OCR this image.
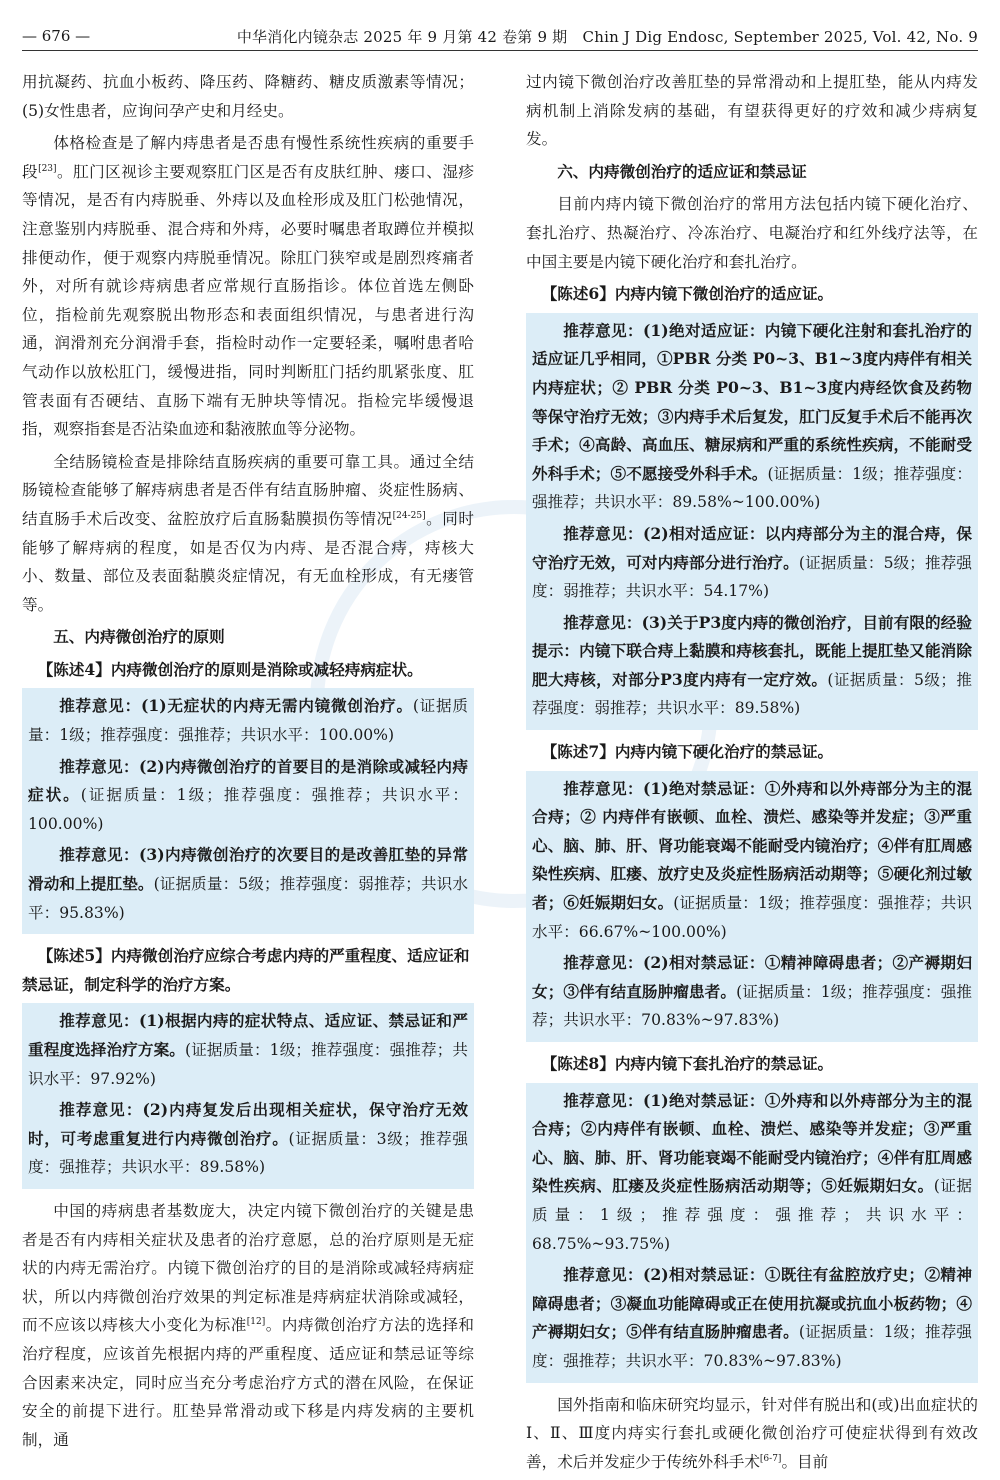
— 676 —	中华消化内镜杂志 2025 年 9 月第 42 卷第 9 期　Chin J Dig Endosc, September 2025, Vol. 42, No. 9

用抗凝药、抗血小板药、降压药、降糖药、糖皮质激素等情况；(5)女性患者，应询问孕产史和月经史。

体格检查是了解内痔患者是否患有慢性系统性疾病的重要手段[23]。肛门区视诊主要观察肛门区是否有皮肤红肿、瘘口、湿疹等情况，是否有内痔脱垂、外痔以及血栓形成及肛门松弛情况，注意鉴别内痔脱垂、混合痔和外痔，必要时嘱患者取蹲位并模拟排便动作，便于观察内痔脱垂情况。除肛门狭窄或是剧烈疼痛者外，对所有就诊痔病患者应常规行直肠指诊。体位首选左侧卧位，指检前先观察脱出物形态和表面组织情况，与患者进行沟通，润滑剂充分润滑手套，指检时动作一定要轻柔，嘱咐患者哈气动作以放松肛门，缓慢进指，同时判断肛门括约肌紧张度、肛管表面有否硬结、直肠下端有无肿块等情况。指检完毕缓慢退指，观察指套是否沾染血迹和黏液脓血等分泌物。

全结肠镜检查是排除结直肠疾病的重要可靠工具。通过全结肠镜检查能够了解痔病患者是否伴有结直肠肿瘤、炎症性肠病、结直肠手术后改变、盆腔放疗后直肠黏膜损伤等情况[24-25]。同时能够了解痔病的程度，如是否仅为内痔、是否混合痔，痔核大小、数量、部位及表面黏膜炎症情况，有无血栓形成，有无瘘管等。

五、内痔微创治疗的原则
【陈述4】内痔微创治疗的原则是消除或减轻痔病症状。

推荐意见：(1)无症状的内痔无需内镜微创治疗。(证据质量：1级；推荐强度：强推荐；共识水平：100.00%)

推荐意见：(2)内痔微创治疗的首要目的是消除或减轻内痔症状。(证据质量：1级；推荐强度：强推荐；共识水平：100.00%)

推荐意见：(3)内痔微创治疗的次要目的是改善肛垫的异常滑动和上提肛垫。(证据质量：5级；推荐强度：弱推荐；共识水平：95.83%)

【陈述5】内痔微创治疗应综合考虑内痔的严重程度、适应证和禁忌证，制定科学的治疗方案。

推荐意见：(1)根据内痔的症状特点、适应证、禁忌证和严重程度选择治疗方案。(证据质量：1级；推荐强度：强推荐；共识水平：97.92%)

推荐意见：(2)内痔复发后出现相关症状，保守治疗无效时，可考虑重复进行内痔微创治疗。(证据质量：3级；推荐强度：强推荐；共识水平：89.58%)

中国的痔病患者基数庞大，决定内镜下微创治疗的关键是患者是否有内痔相关症状及患者的治疗意愿，总的治疗原则是无症状的内痔无需治疗。内镜下微创治疗的目的是消除或减轻痔病症状，所以内痔微创治疗效果的判定标准是痔病症状消除或减轻，而不应该以痔核大小变化为标准[12]。内痔微创治疗方法的选择和治疗程度，应该首先根据内痔的严重程度、适应证和禁忌证等综合因素来决定，同时应当充分考虑治疗方式的潜在风险，在保证安全的前提下进行。肛垫异常滑动或下移是内痔发病的主要机制，通

过内镜下微创治疗改善肛垫的异常滑动和上提肛垫，能从内痔发病机制上消除发病的基础，有望获得更好的疗效和减少痔病复发。

六、内痔微创治疗的适应证和禁忌证

目前内痔内镜下微创治疗的常用方法包括内镜下硬化治疗、套扎治疗、热凝治疗、冷冻治疗、电凝治疗和红外线疗法等，在中国主要是内镜下硬化治疗和套扎治疗。

【陈述6】内痔内镜下微创治疗的适应证。

推荐意见：(1)绝对适应证：内镜下硬化注射和套扎治疗的适应证几乎相同，①PBR 分类 P0~3、B1~3度内痔伴有相关内痔症状；② PBR 分类 P0~3、B1~3度内痔经饮食及药物等保守治疗无效；③内痔手术后复发，肛门反复手术后不能再次手术；④高龄、高血压、糖尿病和严重的系统性疾病，不能耐受外科手术；⑤不愿接受外科手术。(证据质量：1级；推荐强度：强推荐；共识水平：89.58%~100.00%)

推荐意见：(2)相对适应证：以内痔部分为主的混合痔，保守治疗无效，可对内痔部分进行治疗。(证据质量：5级；推荐强度：弱推荐；共识水平：54.17%)

推荐意见：(3)关于P3度内痔的微创治疗，目前有限的经验提示：内镜下联合痔上黏膜和痔核套扎，既能上提肛垫又能消除肥大痔核，对部分P3度内痔有一定疗效。(证据质量：5级；推荐强度：弱推荐；共识水平：89.58%)

【陈述7】内痔内镜下硬化治疗的禁忌证。

推荐意见：(1)绝对禁忌证：①外痔和以外痔部分为主的混合痔；② 内痔伴有嵌顿、血栓、溃烂、感染等并发症；③严重心、脑、肺、肝、肾功能衰竭不能耐受内镜治疗；④伴有肛周感染性疾病、肛瘘、放疗史及炎症性肠病活动期等；⑤硬化剂过敏者；⑥妊娠期妇女。(证据质量：1级；推荐强度：强推荐；共识水平：66.67%~100.00%)

推荐意见：(2)相对禁忌证：①精神障碍患者；②产褥期妇女；③伴有结直肠肿瘤患者。(证据质量：1级；推荐强度：强推荐；共识水平：70.83%~97.83%)

【陈述8】内痔内镜下套扎治疗的禁忌证。

推荐意见：(1)绝对禁忌证：①外痔和以外痔部分为主的混合痔；②内痔伴有嵌顿、血栓、溃烂、感染等并发症；③严重心、脑、肺、肝、肾功能衰竭不能耐受内镜治疗；④伴有肛周感染性疾病、肛瘘及炎症性肠病活动期等；⑤妊娠期妇女。(证据质量：1级；推荐强度：强推荐；共识水平：68.75%~93.75%)

推荐意见：(2)相对禁忌证：①既往有盆腔放疗史；②精神障碍患者；③凝血功能障碍或正在使用抗凝或抗血小板药物；④产褥期妇女；⑤伴有结直肠肿瘤患者。(证据质量：1级；推荐强度：强推荐；共识水平：70.83%~97.83%)

国外指南和临床研究均显示，针对伴有脱出和(或)出血症状的Ⅰ、Ⅱ、Ⅲ度内痔实行套扎或硬化微创治疗可使症状得到有效改善，术后并发症少于传统外科手术[6-7]。目前
